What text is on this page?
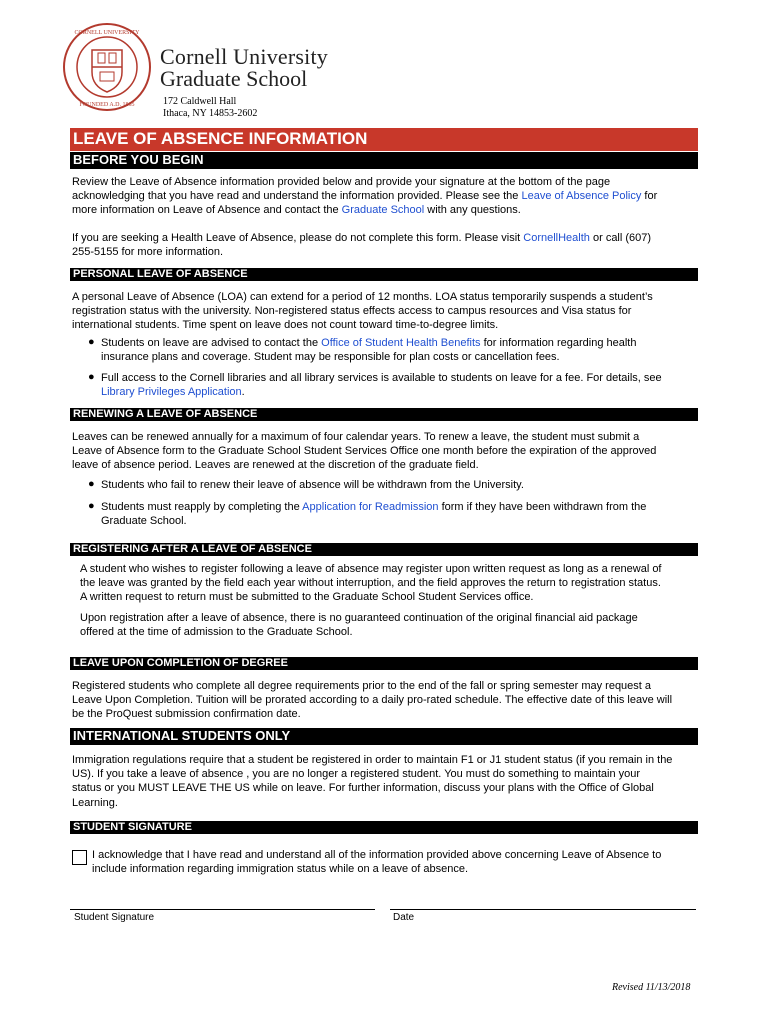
CORNELL UNIVERSITY
FOUNDED A.D. 1865
Cornell University
Graduate School
172 Caldwell Hall
Ithaca, NY 14853-2602
LEAVE OF ABSENCE INFORMATION
BEFORE YOU BEGIN
Review the Leave of Absence information provided below and provide your signature at the bottom of the page
acknowledging that you have read and understand the information provided. Please see the Leave of Absence Policy for
more information on Leave of Absence and contact the Graduate School with any questions.
If you are seeking a Health Leave of Absence, please do not complete this form. Please visit CornellHealth or call (607)
255-5155 for more information.
PERSONAL LEAVE OF ABSENCE
A personal Leave of Absence (LOA) can extend for a period of 12 months. LOA status temporarily suspends a student’s
registration status with the university. Non-registered status effects access to campus resources and Visa status for
international students. Time spent on leave does not count toward time-to-degree limits.
● Students on leave are advised to contact the Office of Student Health Benefits for information regarding health
insurance plans and coverage. Student may be responsible for plan costs or cancellation fees.
● Full access to the Cornell libraries and all library services is available to students on leave for a fee. For details, see
Library Privileges Application.
RENEWING A LEAVE OF ABSENCE
Leaves can be renewed annually for a maximum of four calendar years. To renew a leave, the student must submit a
Leave of Absence form to the Graduate School Student Services Office one month before the expiration of the approved
leave of absence period. Leaves are renewed at the discretion of the graduate field.
● Students who fail to renew their leave of absence will be withdrawn from the University.
● Students must reapply by completing the Application for Readmission form if they have been withdrawn from the
Graduate School.
REGISTERING AFTER A LEAVE OF ABSENCE
A student who wishes to register following a leave of absence may register upon written request as long as a renewal of
the leave was granted by the field each year without interruption, and the field approves the return to registration status.
A written request to return must be submitted to the Graduate School Student Services office.
Upon registration after a leave of absence, there is no guaranteed continuation of the original financial aid package
offered at the time of admission to the Graduate School.
LEAVE UPON COMPLETION OF DEGREE
Registered students who complete all degree requirements prior to the end of the fall or spring semester may request a
Leave Upon Completion. Tuition will be prorated according to a daily pro-rated schedule. The effective date of this leave will
be the ProQuest submission confirmation date.
INTERNATIONAL STUDENTS ONLY
Immigration regulations require that a student be registered in order to maintain F1 or J1 student status (if you remain in the
US). If you take a leave of absence , you are no longer a registered student. You must do something to maintain your
status or you MUST LEAVE THE US while on leave. For further information, discuss your plans with the Office of Global
Learning.
STUDENT SIGNATURE
I acknowledge that I have read and understand all of the information provided above concerning Leave of Absence to
include information regarding immigration status while on a leave of absence.
Student Signature	Date
Revised 11/13/2018
